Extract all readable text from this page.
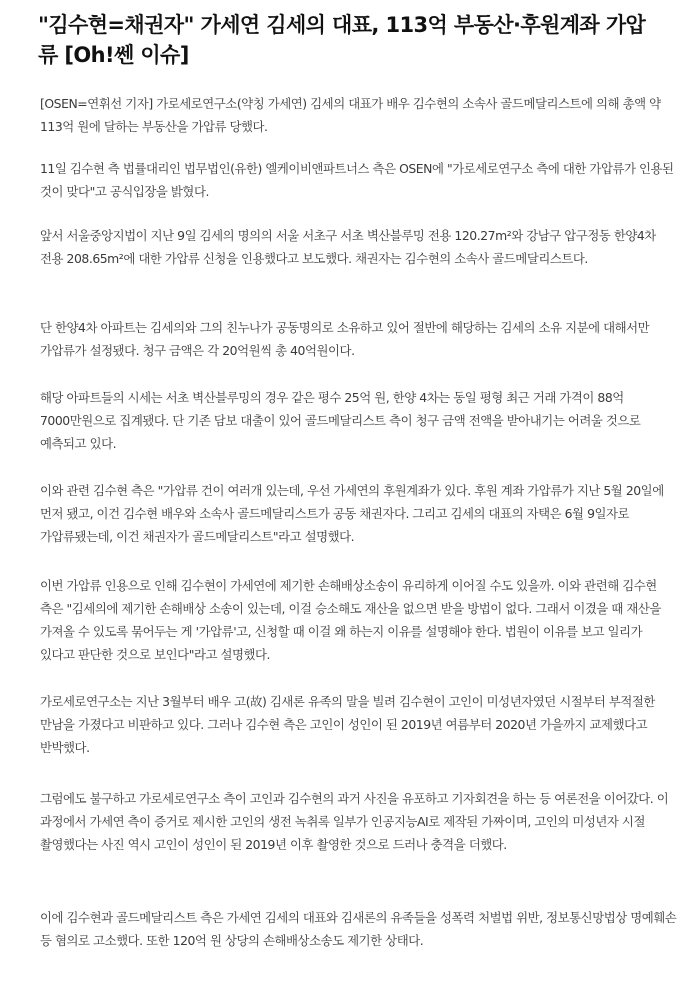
"김수현=채권자" 가세연 김세의 대표, 113억 부동산·후원계좌 가압류 [Oh!쎈 이슈]

[OSEN=연휘선 기자] 가로세로연구소(약칭 가세연) 김세의 대표가 배우 김수현의 소속사 골드메달리스트에 의해 총액 약 113억 원에 달하는 부동산을 가압류 당했다.

11일 김수현 측 법률대리인 법무법인(유한) 엘케이비앤파트너스 측은 OSEN에 "가로세로연구소 측에 대한 가압류가 인용된 것이 맞다"고 공식입장을 밝혔다.

앞서 서울중앙지법이 지난 9일 김세의 명의의 서울 서초구 서초 벽산블루밍 전용 120.27m²와 강남구 압구정동 한양4차 전용 208.65m²에 대한 가압류 신청을 인용했다고 보도했다. 채권자는 김수현의 소속사 골드메달리스트다.

단 한양4차 아파트는 김세의와 그의 친누나가 공동명의로 소유하고 있어 절반에 해당하는 김세의 소유 지분에 대해서만 가압류가 설정됐다. 청구 금액은 각 20억원씩 총 40억원이다.

해당 아파트들의 시세는 서초 벽산블루밍의 경우 같은 평수 25억 원, 한양 4차는 동일 평형 최근 거래 가격이 88억 7000만원으로 집계됐다. 단 기존 담보 대출이 있어 골드메달리스트 측이 청구 금액 전액을 받아내기는 어려울 것으로 예측되고 있다.

이와 관련 김수현 측은 "가압류 건이 여러개 있는데, 우선 가세연의 후원계좌가 있다. 후원 계좌 가압류가 지난 5월 20일에 먼저 됐고, 이건 김수현 배우와 소속사 골드메달리스트가 공동 채권자다. 그리고 김세의 대표의 자택은 6월 9일자로 가압류됐는데, 이건 채권자가 골드메달리스트"라고 설명했다.

이번 가압류 인용으로 인해 김수현이 가세연에 제기한 손해배상소송이 유리하게 이어질 수도 있을까. 이와 관련해 김수현 측은 "김세의에 제기한 손해배상 소송이 있는데, 이걸 승소해도 재산을 없으면 받을 방법이 없다. 그래서 이겼을 때 재산을 가져올 수 있도록 묶어두는 게 '가압류'고, 신청할 때 이걸 왜 하는지 이유를 설명해야 한다. 법원이 이유를 보고 일리가 있다고 판단한 것으로 보인다"라고 설명했다.

가로세로연구소는 지난 3월부터 배우 고(故) 김새론 유족의 말을 빌려 김수현이 고인이 미성년자였던 시절부터 부적절한 만남을 가졌다고 비판하고 있다. 그러나 김수현 측은 고인이 성인이 된 2019년 여름부터 2020년 가을까지 교제했다고 반박했다.

그럼에도 불구하고 가로세로연구소 측이 고인과 김수현의 과거 사진을 유포하고 기자회견을 하는 등 여론전을 이어갔다. 이 과정에서 가세연 측이 증거로 제시한 고인의 생전 녹취록 일부가 인공지능AI로 제작된 가짜이며, 고인의 미성년자 시절 촬영했다는 사진 역시 고인이 성인이 된 2019년 이후 촬영한 것으로 드러나 충격을 더했다.

이에 김수현과 골드메달리스트 측은 가세연 김세의 대표와 김새론의 유족들을 성폭력 처벌법 위반, 정보통신망법상 명예훼손 등 혐의로 고소했다. 또한 120억 원 상당의 손해배상소송도 제기한 상태다.
